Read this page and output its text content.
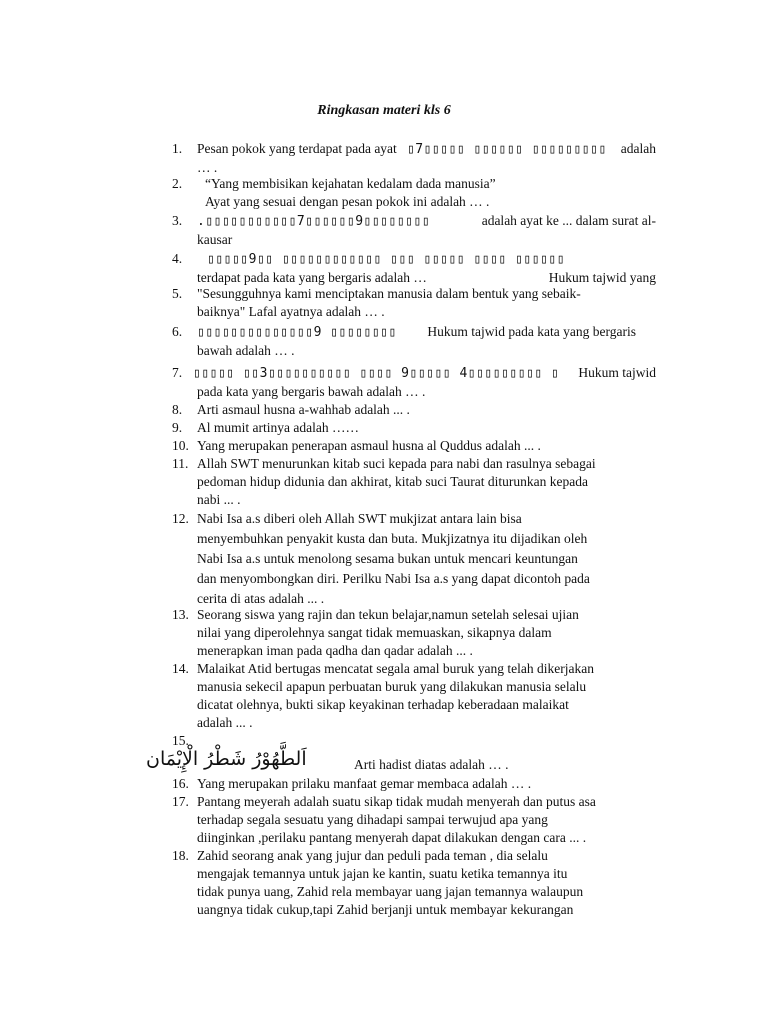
Ringkasan materi kls 6
1. Pesan pokok yang terdapat pada ayat ▯7▯▯▯▯▯ ▯▯▯▯▯▯ ▯▯▯▯▯▯▯▯▯ adalah
… .
2. “Yang membisikan kejahatan kedalam dada manusia”
Ayat yang sesuai dengan pesan pokok ini adalah … .
3. .▯▯▯▯▯▯▯▯▯▯▯7▯▯▯▯▯▯9▯▯▯▯▯▯▯▯	adalah ayat ke ... dalam surat al-
kausar
4.	▯▯▯▯▯9▯▯ ▯▯▯▯▯▯▯▯▯▯▯▯ ▯▯▯ ▯▯▯▯▯ ▯▯▯▯ ▯▯▯▯▯▯
Hukum tajwid yang
terdapat pada kata yang bergaris adalah …
5. "Sesungguhnya kami menciptakan manusia dalam bentuk yang sebaik-
baiknya" Lafal ayatnya adalah … .
6. ▯▯▯▯▯▯▯▯▯▯▯▯▯▯9 ▯▯▯▯▯▯▯▯ Hukum tajwid pada kata yang bergaris
bawah adalah … .
7. ▯▯▯▯▯ ▯▯3▯▯▯▯▯▯▯▯▯▯ ▯▯▯▯ 9▯▯▯▯▯ 4▯▯▯▯▯▯▯▯▯ ▯ Hukum tajwid
pada kata yang bergaris bawah adalah … .
8. Arti asmaul husna a-wahhab adalah ... .
9. Al mumit artinya adalah ……
10. Yang merupakan penerapan asmaul husna al Quddus adalah ... .
11. Allah SWT menurunkan kitab suci kepada para nabi dan rasulnya sebagai
pedoman hidup didunia dan akhirat, kitab suci Taurat diturunkan kepada
nabi ... .
12. Nabi Isa a.s diberi oleh Allah SWT mukjizat antara lain bisa
menyembuhkan penyakit kusta dan buta. Mukjizatnya itu dijadikan oleh
Nabi Isa a.s untuk menolong sesama bukan untuk mencari keuntungan
dan menyombongkan diri. Perilku Nabi Isa a.s yang dapat dicontoh pada
cerita di atas adalah ... .
13. Seorang siswa yang rajin dan tekun belajar,namun setelah selesai ujian
nilai yang diperolehnya sangat tidak memuaskan, sikapnya dalam
menerapkan iman pada qadha dan qadar adalah ... .
14. Malaikat Atid bertugas mencatat segala amal buruk yang telah dikerjakan
manusia sekecil apapun perbuatan buruk yang dilakukan manusia selalu
dicatat olehnya, bukti sikap keyakinan terhadap keberadaan malaikat
adalah ... .
15.
اَلطَّهُوْرُ شَطْرُ الْإِيْمَان	Arti hadist diatas adalah … .
16. Yang merupakan prilaku manfaat gemar membaca adalah … .
17. Pantang meyerah adalah suatu sikap tidak mudah menyerah dan putus asa
terhadap segala sesuatu yang dihadapi sampai terwujud apa yang
diinginkan ,perilaku pantang menyerah dapat dilakukan dengan cara ... .
18. Zahid seorang anak yang jujur dan peduli pada teman , dia selalu
mengajak temannya untuk jajan ke kantin, suatu ketika temannya itu
tidak punya uang, Zahid rela membayar uang jajan temannya walaupun
uangnya tidak cukup,tapi Zahid berjanji untuk membayar kekurangan
